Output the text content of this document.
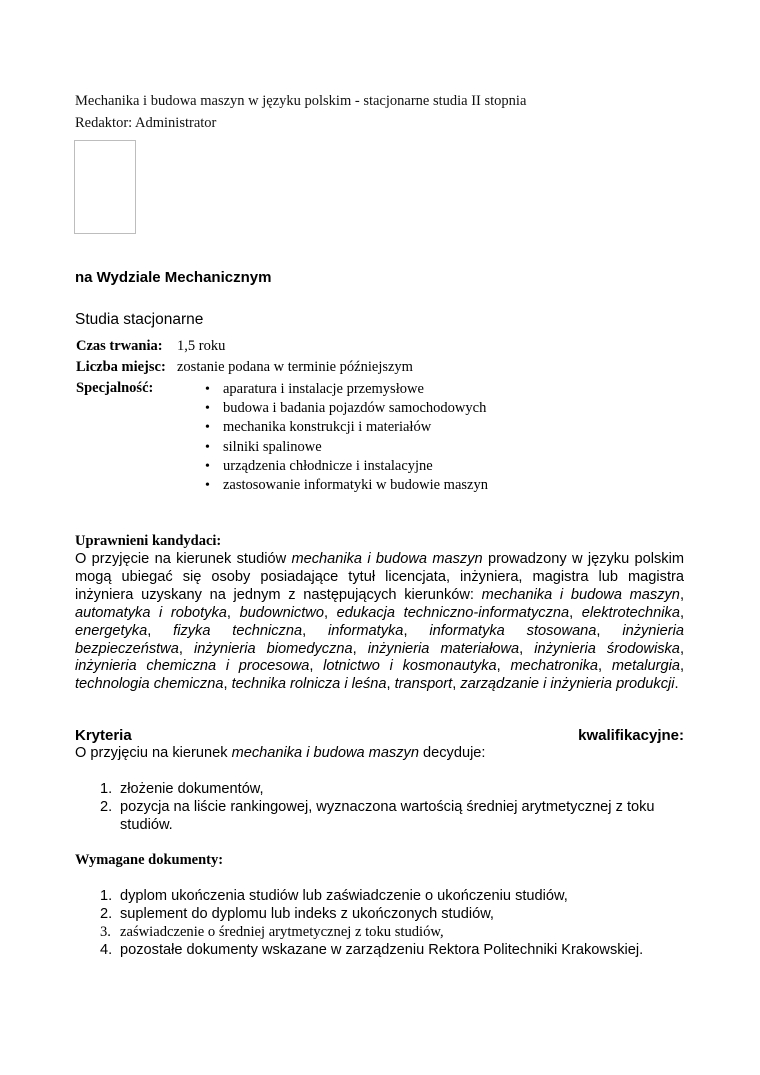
Mechanika i budowa maszyn w języku polskim - stacjonarne studia II stopnia
Redaktor: Administrator
na Wydziale Mechanicznym
Studia stacjonarne
Czas trwania: 1,5 roku
Liczba miejsc: zostanie podana w terminie późniejszym
Specjalność:
•	aparatura i instalacje przemysłowe
• budowa i badania pojazdów samochodowych
• mechanika konstrukcji i materiałów
• silniki spalinowe
• urządzenia chłodnicze i instalacyjne
• zastosowanie informatyki w budowie maszyn
Uprawnieni kandydaci:
O przyjęcie na kierunek studiów mechanika i budowa maszyn prowadzony w języku polskim mogą ubiegać się osoby posiadające tytuł licencjata, inżyniera, magistra lub magistra inżyniera uzyskany na jednym z następujących kierunków: mechanika i budowa maszyn, automatyka i robotyka, budownictwo, edukacja techniczno-informatyczna, elektrotechnika, energetyka, fizyka techniczna, informatyka, informatyka stosowana, inżynieria bezpieczeństwa, inżynieria biomedyczna, inżynieria materiałowa, inżynieria środowiska, inżynieria chemiczna i procesowa, lotnictwo i kosmonautyka, mechatronika, metalurgia, technologia chemiczna, technika rolnicza i leśna, transport, zarządzanie i inżynieria produkcji.
Kryteria	kwalifikacyjne:
O przyjęciu na kierunek mechanika i budowa maszyn decyduje:
1. złożenie dokumentów,
2. pozycja na liście rankingowej, wyznaczona wartością średniej arytmetycznej z toku studiów.
Wymagane dokumenty:
1. dyplom ukończenia studiów lub zaświadczenie o ukończeniu studiów,
2. suplement do dyplomu lub indeks z ukończonych studiów,
3. zaświadczenie o średniej arytmetycznej z toku studiów,
4. pozostałe dokumenty wskazane w zarządzeniu Rektora Politechniki Krakowskiej.
